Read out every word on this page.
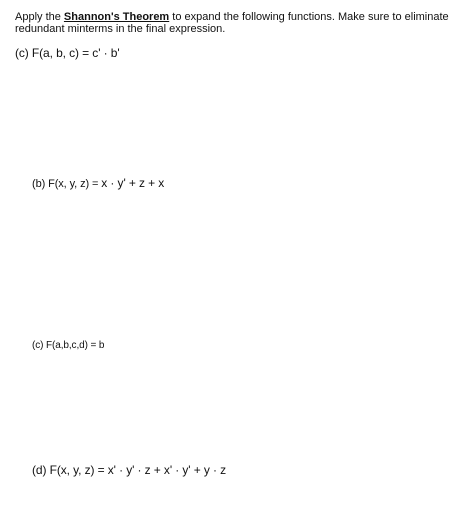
Apply the Shannon's Theorem to expand the following functions. Make sure to eliminate redundant minterms in the final expression.
(c) F(a, b, c) = c' · b'
(b) F(x, y, z) = x · y' + z + x
(c) F(a,b,c,d) = b
(d) F(x, y, z) = x' · y' · z + x' · y' + y · z
